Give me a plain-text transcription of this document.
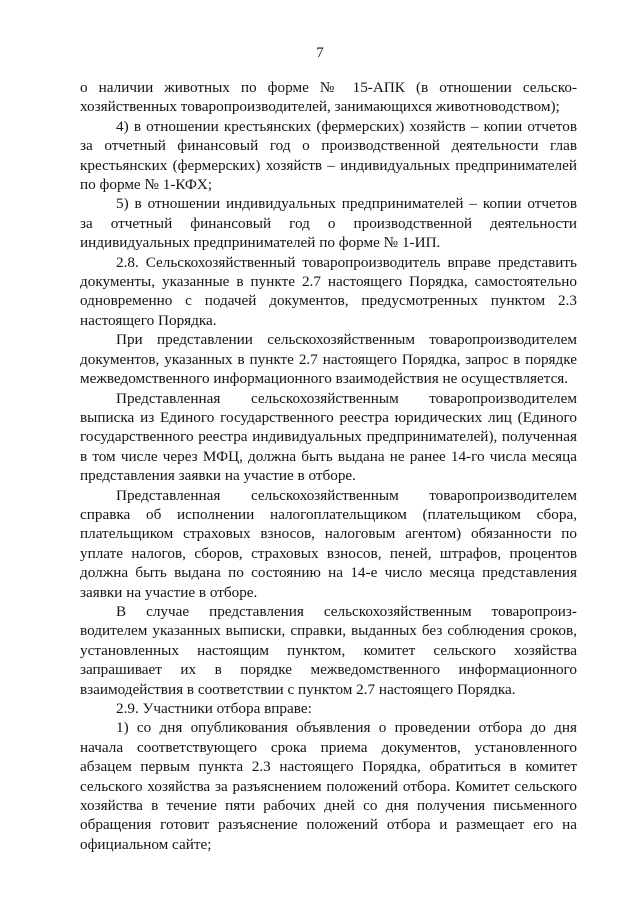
7

о наличии животных по форме № 15-АПК (в отношении сельско-хозяйственных товаропроизводителей, занимающихся животноводством);

4) в отношении крестьянских (фермерских) хозяйств – копии отчетов за отчетный финансовый год о производственной деятельности глав крестьянских (фермерских) хозяйств – индивидуальных предпринимателей по форме № 1-КФХ;

5) в отношении индивидуальных предпринимателей – копии отчетов за отчетный финансовый год о производственной деятельности индивидуальных предпринимателей по форме № 1-ИП.

2.8. Сельскохозяйственный товаропроизводитель вправе представить документы, указанные в пункте 2.7 настоящего Порядка, самостоятельно одновременно с подачей документов, предусмотренных пунктом 2.3 настоящего Порядка.

При представлении сельскохозяйственным товаропроизводителем документов, указанных в пункте 2.7 настоящего Порядка, запрос в порядке межведомственного информационного взаимодействия не осуществляется.

Представленная сельскохозяйственным товаропроизводителем выписка из Единого государственного реестра юридических лиц (Единого государственного реестра индивидуальных предпринимателей), полученная в том числе через МФЦ, должна быть выдана не ранее 14-го числа месяца представления заявки на участие в отборе.

Представленная сельскохозяйственным товаропроизводителем справка об исполнении налогоплательщиком (плательщиком сбора, плательщиком страховых взносов, налоговым агентом) обязанности по уплате налогов, сборов, страховых взносов, пеней, штрафов, процентов должна быть выдана по состоянию на 14-е число месяца представления заявки на участие в отборе.

В случае представления сельскохозяйственным товаропроиз-водителем указанных выписки, справки, выданных без соблюдения сроков, установленных настоящим пунктом, комитет сельского хозяйства запрашивает их в порядке межведомственного информационного взаимодействия в соответствии с пунктом 2.7 настоящего Порядка.

2.9. Участники отбора вправе:

1) со дня опубликования объявления о проведении отбора до дня начала соответствующего срока приема документов, установленного абзацем первым пункта 2.3 настоящего Порядка, обратиться в комитет сельского хозяйства за разъяснением положений отбора. Комитет сельского хозяйства в течение пяти рабочих дней со дня получения письменного обращения готовит разъяснение положений отбора и размещает его на официальном сайте;
